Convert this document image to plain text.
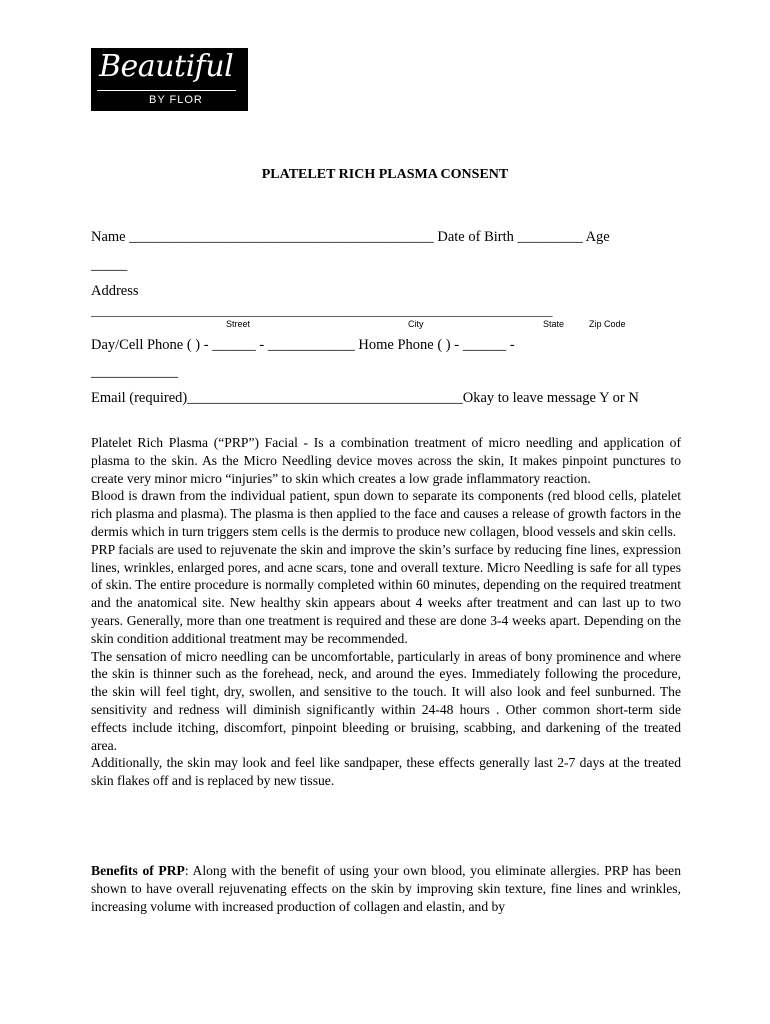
Beautiful
BY FLOR
PLATELET RICH PLASMA CONSENT
Name __________________________________________ Date of Birth _________ Age
_____
Address
_______________________________________________________________________
Street	City	State	Zip Code
Day/Cell Phone ( ) - ______ - ____________ Home Phone ( ) - ______ -
____________
Email (required)______________________________________Okay to leave message Y or N

Platelet Rich Plasma (“PRP”) Facial - Is a combination treatment of micro needling and application of plasma to the skin. As the Micro Needling device moves across the skin, It makes pinpoint punctures to create very minor micro “injuries” to skin which creates a low grade inflammatory reaction.

Blood is drawn from the individual patient, spun down to separate its components (red blood cells, platelet rich plasma and plasma). The plasma is then applied to the face and causes a release of growth factors in the dermis which in turn triggers stem cells is the dermis to produce new collagen, blood vessels and skin cells.

PRP facials are used to rejuvenate the skin and improve the skin’s surface by reducing fine lines, expression lines, wrinkles, enlarged pores, and acne scars, tone and overall texture. Micro Needling is safe for all types of skin. The entire procedure is normally completed within 60 minutes, depending on the required treatment and the anatomical site. New healthy skin appears about 4 weeks after treatment and can last up to two years. Generally, more than one treatment is required and these are done 3-4 weeks apart. Depending on the skin condition additional treatment may be recommended.

The sensation of micro needling can be uncomfortable, particularly in areas of bony prominence and where the skin is thinner such as the forehead, neck, and around the eyes. Immediately following the procedure, the skin will feel tight, dry, swollen, and sensitive to the touch. It will also look and feel sunburned. The sensitivity and redness will diminish significantly within 24-48 hours . Other common short-term side effects include itching, discomfort, pinpoint bleeding or bruising, scabbing, and darkening of the treated area.

Additionally, the skin may look and feel like sandpaper, these effects generally last 2-7 days at the treated skin flakes off and is replaced by new tissue.

Benefits of PRP: Along with the benefit of using your own blood, you eliminate allergies. PRP has been shown to have overall rejuvenating effects on the skin by improving skin texture, fine lines and wrinkles, increasing volume with increased production of collagen and elastin, and by
